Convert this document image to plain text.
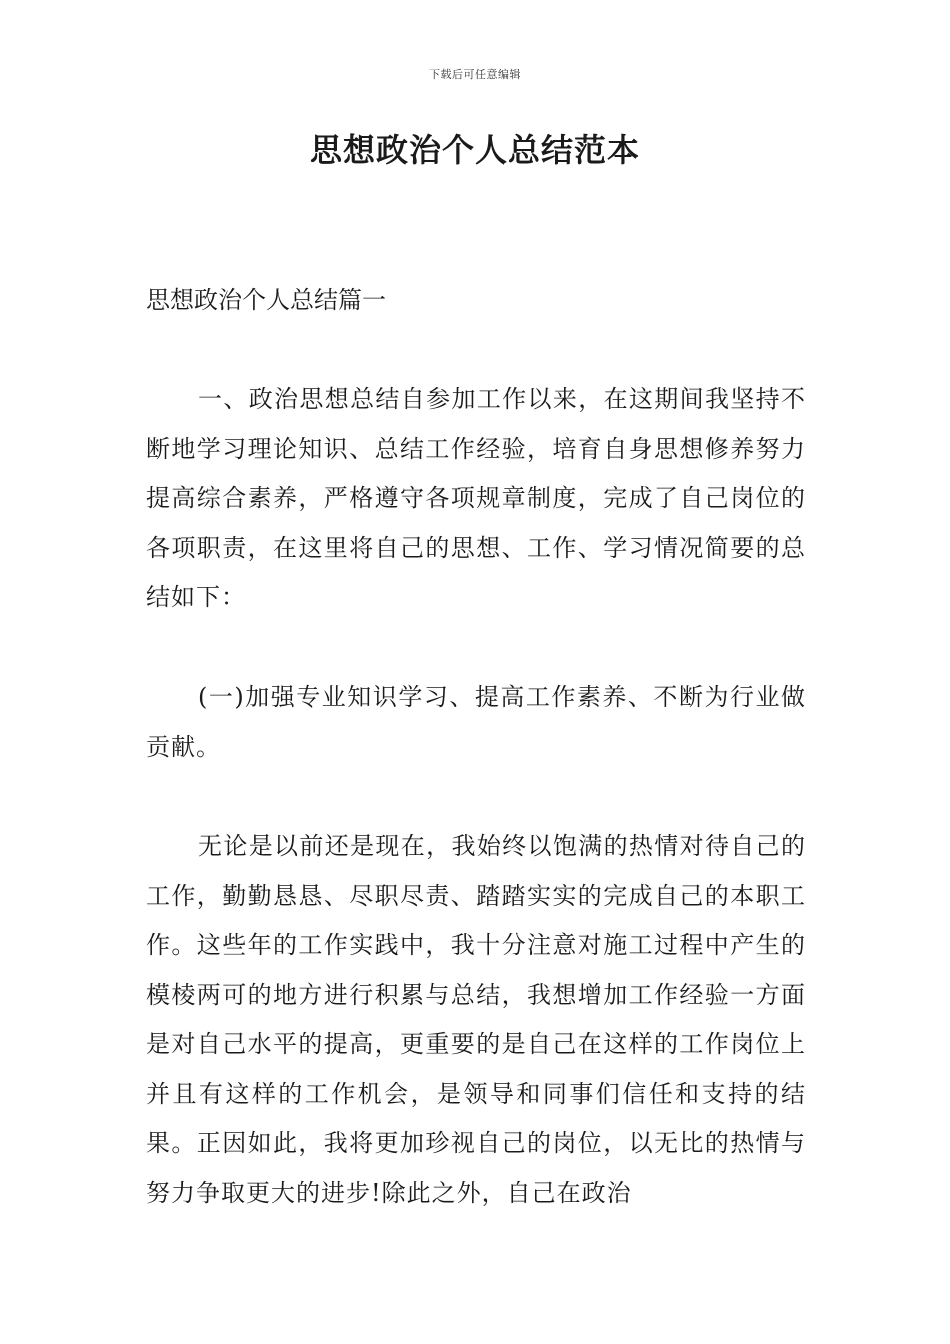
下载后可任意编辑
思想政治个人总结范本
思想政治个人总结篇一

一、政治思想总结自参加工作以来，在这期间我坚持不断地学习理论知识、总结工作经验，培育自身思想修养努力提高综合素养，严格遵守各项规章制度，完成了自己岗位的各项职责，在这里将自己的思想、工作、学习情况简要的总结如下：

(一)加强专业知识学习、提高工作素养、不断为行业做贡献。

无论是以前还是现在，我始终以饱满的热情对待自己的工作，勤勤恳恳、尽职尽责、踏踏实实的完成自己的本职工作。这些年的工作实践中，我十分注意对施工过程中产生的模棱两可的地方进行积累与总结，我想增加工作经验一方面是对自己水平的提高，更重要的是自己在这样的工作岗位上并且有这样的工作机会，是领导和同事们信任和支持的结果。正因如此，我将更加珍视自己的岗位，以无比的热情与努力争取更大的进步!除此之外，自己在政治
